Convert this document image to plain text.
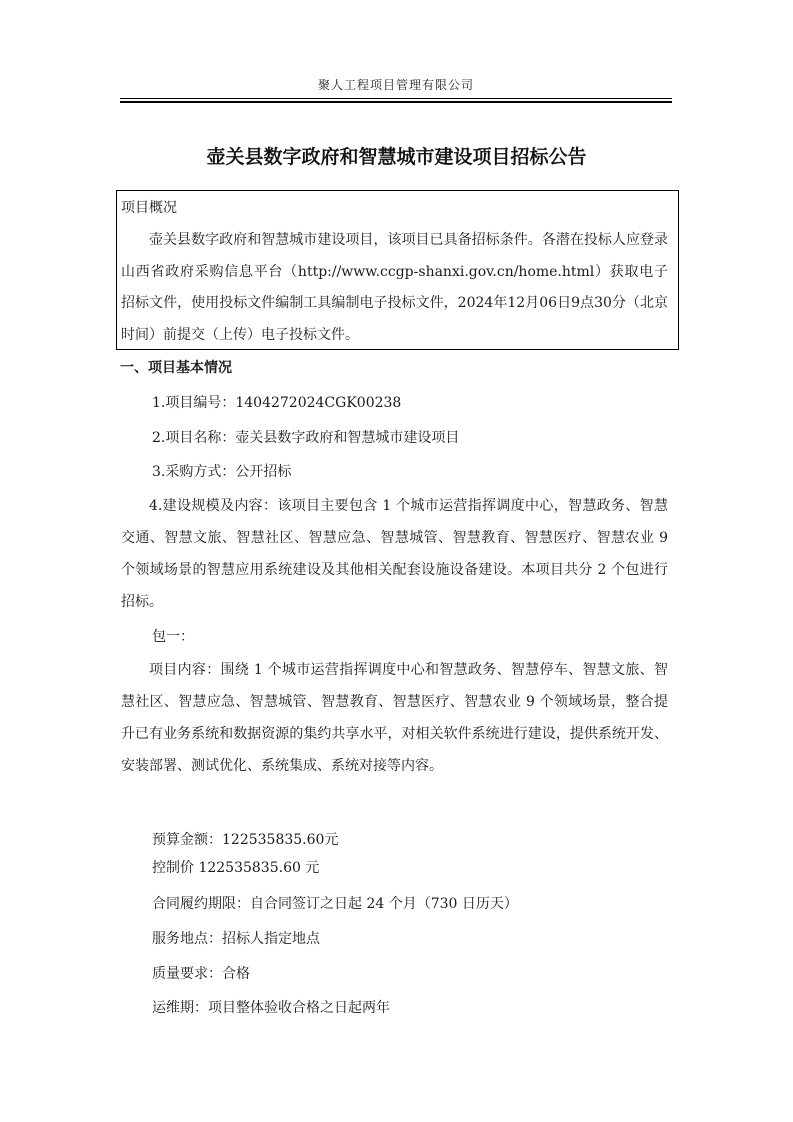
聚人工程项目管理有限公司
壶关县数字政府和智慧城市建设项目招标公告
项目概况
壶关县数字政府和智慧城市建设项目，该项目已具备招标条件。各潜在投标人应登录山西省政府采购信息平台（http://www.ccgp-shanxi.gov.cn/home.html）获取电子招标文件，使用投标文件编制工具编制电子投标文件，2024年12月06日9点30分（北京时间）前提交（上传）电子投标文件。
一、项目基本情况
1.项目编号：1404272024CGK00238
2.项目名称：壶关县数字政府和智慧城市建设项目
3.采购方式：公开招标
4.建设规模及内容：该项目主要包含 1 个城市运营指挥调度中心，智慧政务、智慧交通、智慧文旅、智慧社区、智慧应急、智慧城管、智慧教育、智慧医疗、智慧农业 9 个领域场景的智慧应用系统建设及其他相关配套设施设备建设。本项目共分 2 个包进行招标。
包一：
项目内容：围绕 1 个城市运营指挥调度中心和智慧政务、智慧停车、智慧文旅、智慧社区、智慧应急、智慧城管、智慧教育、智慧医疗、智慧农业 9 个领域场景，整合提升已有业务系统和数据资源的集约共享水平，对相关软件系统进行建设，提供系统开发、安装部署、测试优化、系统集成、系统对接等内容。
预算金额：122535835.60元
控制价 122535835.60 元
合同履约期限：自合同签订之日起 24 个月（730 日历天）
服务地点：招标人指定地点
质量要求：合格
运维期：项目整体验收合格之日起两年
